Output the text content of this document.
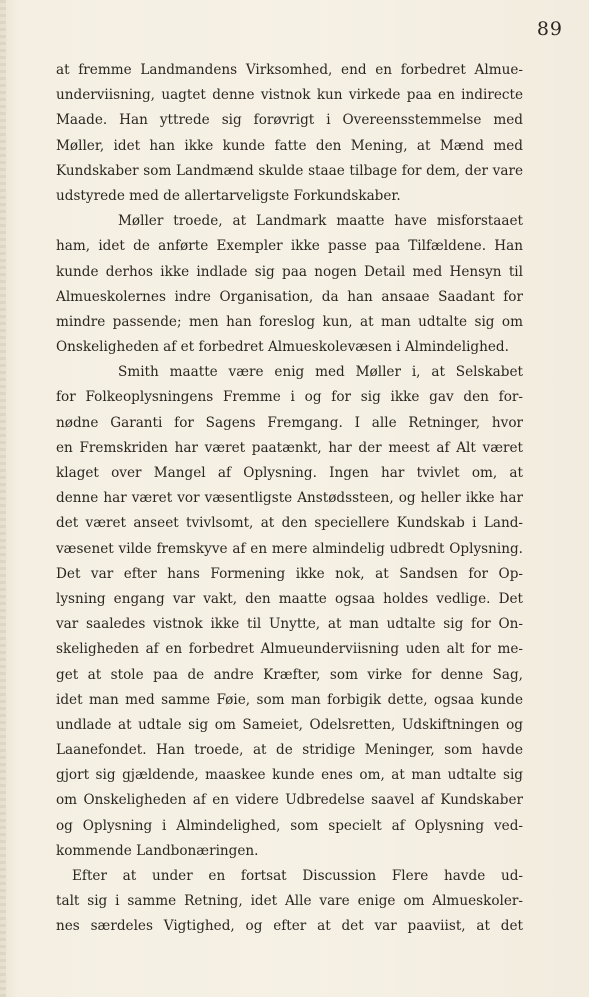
89
at fremme Landmandens Virksomhed, end en forbedret Almue-
underviisning, uagtet denne vistnok kun virkede paa en indirecte
Maade. Han yttrede sig forøvrigt i Overeensstemmelse med
Møller, idet han ikke kunde fatte den Mening, at Mænd med
Kundskaber som Landmænd skulde staae tilbage for dem, der vare
udstyrede med de allertarveligste Forkundskaber.
Møller troede, at Landmark maatte have misforstaaet
ham, idet de anførte Exempler ikke passe paa Tilfældene. Han
kunde derhos ikke indlade sig paa nogen Detail med Hensyn til
Almueskolernes indre Organisation, da han ansaae Saadant for
mindre passende; men han foreslog kun, at man udtalte sig om
Onskeligheden af et forbedret Almueskolevæsen i Almindelighed.
Smith maatte være enig med Møller i, at Selskabet
for Folkeoplysningens Fremme i og for sig ikke gav den for-
nødne Garanti for Sagens Fremgang. I alle Retninger, hvor
en Fremskriden har været paatænkt, har der meest af Alt været
klaget over Mangel af Oplysning. Ingen har tvivlet om, at
denne har været vor væsentligste Anstødssteen, og heller ikke har
det været anseet tvivlsomt, at den speciellere Kundskab i Land-
væsenet vilde fremskyve af en mere almindelig udbredt Oplysning.
Det var efter hans Formening ikke nok, at Sandsen for Op-
lysning engang var vakt, den maatte ogsaa holdes vedlige. Det
var saaledes vistnok ikke til Unytte, at man udtalte sig for On-
skeligheden af en forbedret Almueunderviisning uden alt for me-
get at stole paa de andre Kræfter, som virke for denne Sag,
idet man med samme Føie, som man forbigik dette, ogsaa kunde
undlade at udtale sig om Sameiet, Odelsretten, Udskiftningen og
Laanefondet. Han troede, at de stridige Meninger, som havde
gjort sig gjældende, maaskee kunde enes om, at man udtalte sig
om Onskeligheden af en videre Udbredelse saavel af Kundskaber
og Oplysning i Almindelighed, som specielt af Oplysning ved-
kommende Landbonæringen.
Efter at under en fortsat Discussion Flere havde ud-
talt sig i samme Retning, idet Alle vare enige om Almueskoler-
nes særdeles Vigtighed, og efter at det var paaviist, at det
